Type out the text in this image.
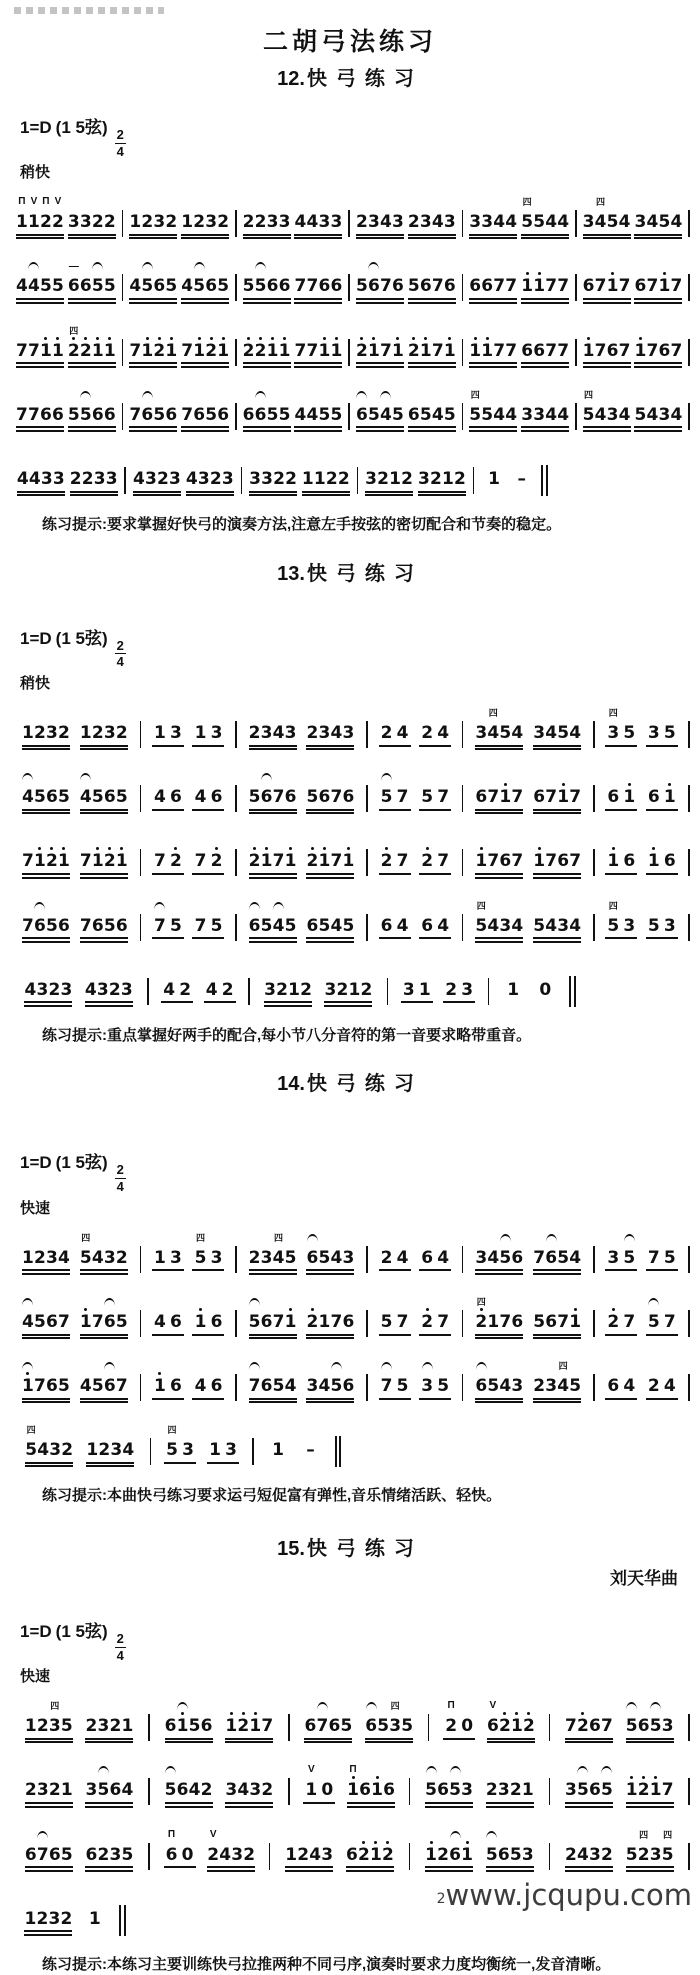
二胡弓法练习
12. 快弓练习
1=D (1 5弦)
$\frac{2}{4}$
稍快
Π
1
V
1
Π
2
V
2 3 3 2 2 1 2 3 2 1 2 3 2 2 2 3 3 4 4 3 3 2 3 4 3 2 3 4 3 3 3 4 4
四
5 5 4 4 3
四
4 5 4 3 4 5 4
4 4 5 5
—
6 6 5 5 4 5 6 5 4 5 6 5 5 5 6 6 7 7 6 6 5 6 7 6 5 6 7 6 6 6 7 7 1 1 7 7 6 7 1 7 6 7 1 7
7 7 1 1
四
2 2 1 1 7 1 2 1 7 1 2 1 2 2 1 1 7 7 1 1 2 1 7 1 2 1 7 1 1 1 7 7 6 6 7 7 1 7 6 7 1 7 6 7
7 7 6 6 5 5 6 6 7 6 5 6 7 6 5 6 6 6 5 5 4 4 5 5 6 5 4 5 6 5 4 5
四
5 5 4 4 3 3 4 4
四
5 4 3 4 5 4 3 4
4 4 3 3 2 2 3 3 4 3 2 3 4 3 2 3 3 3 2 2 1 1 2 2 3 2 1 2 3 2 1 2 1 –

练习提示:要求掌握好快弓的演奏方法,注意左手按弦的密切配合和节奏的稳定。

13. 快弓练习
1=D (1 5弦)
$\frac{2}{4}$
稍快
1 2 3 2 1 2 3 2 1 3 1 3 2 3 4 3 2 3 4 3 2 4 2 4 3
四
4 5 4 3 4 5 4
四
3 5 3 5
4 5 6 5 4 5 6 5 4 6 4 6 5 6 7 6 5 6 7 6 5 7 5 7 6 7 1 7 6 7 1 7 6 1 6 1
7 1 2 1 7 1 2 1 7 2 7 2 2 1 7 1 2 1 7 1 2 7 2 7 1 7 6 7 1 7 6 7 1 6 1 6
7 6 5 6 7 6 5 6 7 5 7 5 6 5 4 5 6 5 4 5 6 4 6 4
四
5 4 3 4 5 4 3 4
四
5 3 5 3
4 3 2 3 4 3 2 3 4 2 4 2 3 2 1 2 3 2 1 2 3 1 2 3 1 0

练习提示:重点掌握好两手的配合,每小节八分音符的第一音要求略带重音。

14. 快弓练习
1=D (1 5弦)
$\frac{2}{4}$
快速
1 2 3 4
四
5 4 3 2 1 3
四
5 3 2 3
四
4 5 6 5 4 3 2 4 6 4 3 4 5 6 7 6 5 4 3 5 7 5
4 5 6 7 1 7 6 5 4 6 1 6 5 6 7 1 2 1 7 6 5 7 2 7
四
2 1 7 6 5 6 7 1 2 7 5 7
1 7 6 5 4 5 6 7 1 6 4 6 7 6 5 4 3 4 5 6 7 5 3 5 6 5 4 3 2 3
四
4 5 6 4 2 4
四
5 4 3 2 1 2 3 4
四
5 3 1 3 1 –

练习提示:本曲快弓练习要求运弓短促富有弹性,音乐情绪活跃、轻快。

15. 快弓练习
1=D (1 5弦)
$\frac{2}{4}$
刘天华曲
快速
1 2
四
3 5 2 3 2 1 6 1 5 6 1 2 1 7 6 7 6 5 6 5
四
3 5
Π
2 0
V
6 2 1 2 7 2 6 7 5 6 5 3
2 3 2 1 3 5 6 4 5 6 4 2 3 4 3 2
V
1 0
Π
1 6 1 6 5 6 5 3 2 3 2 1 3 5 6 5 1 2 1 7
6 7 6 5 6 2 3 5
Π
6 0
V
2 4 3 2 1 2 4 3 6 2 1 2 1 2 6 1 5 6 5 3 2 4 3 2 5
四
2 3
四
5
1 2 3 2 1

练习提示:本练习主要训练快弓拉推两种不同弓序,演奏时要求力度均衡统一,发音清晰。

2www.jcqupu.com
